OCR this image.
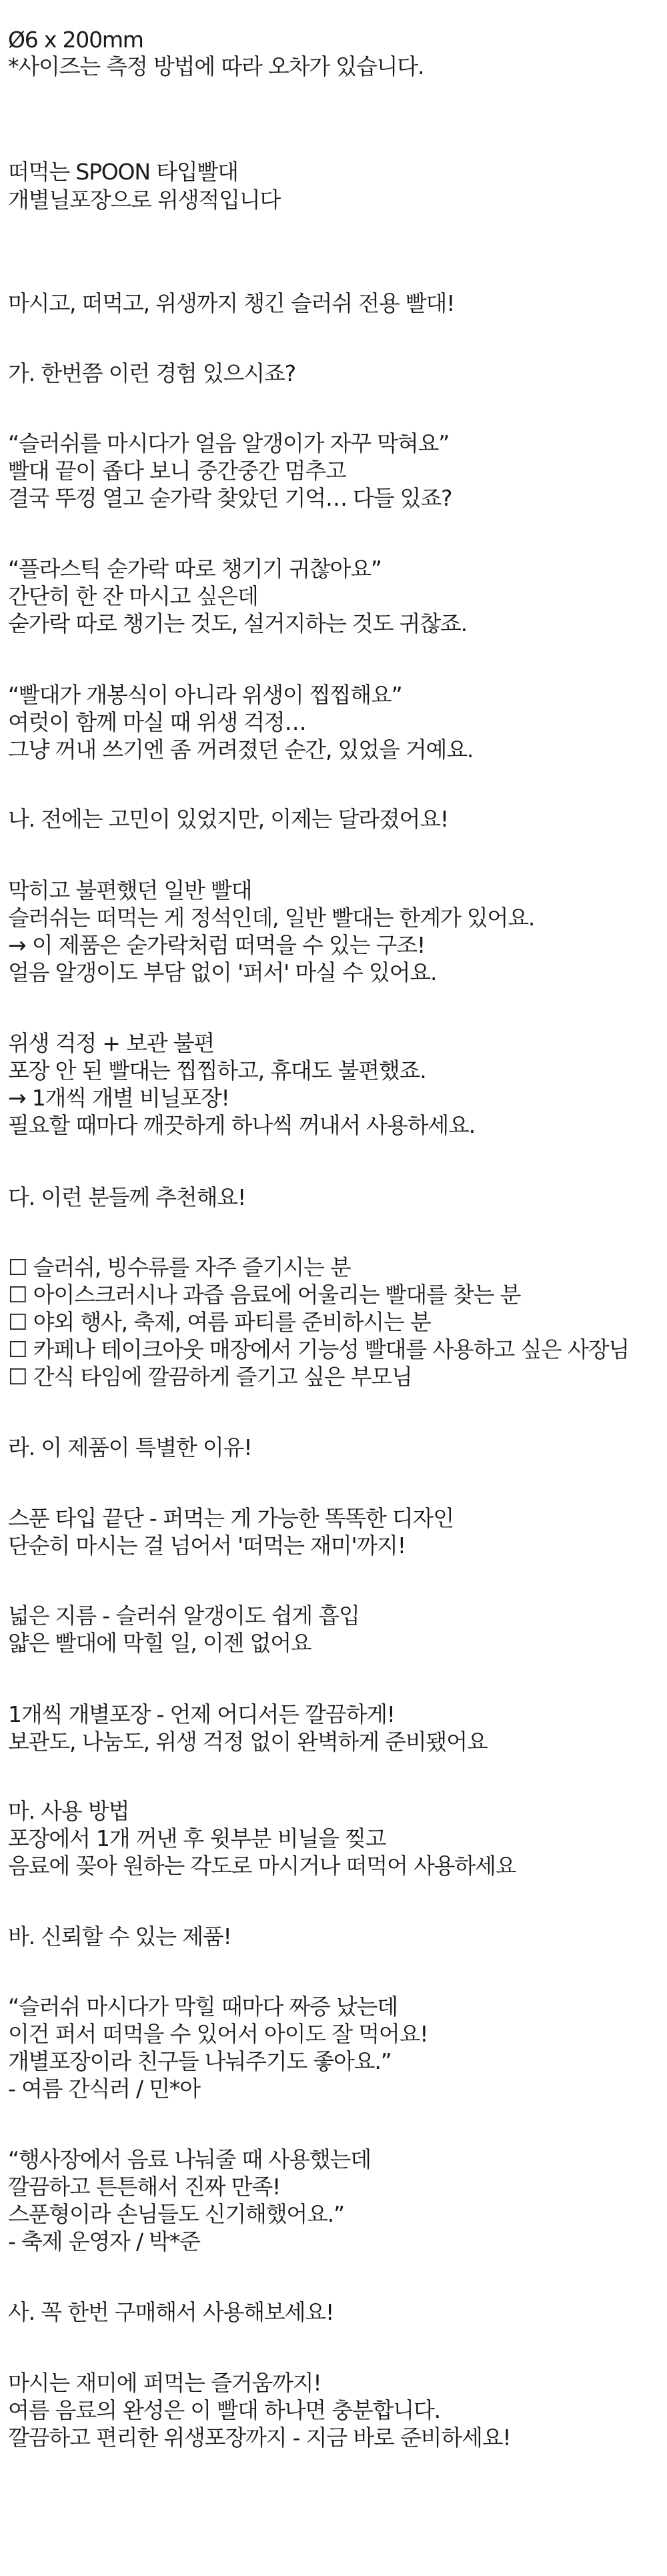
Ø6 x 200mm
*사이즈는 측정 방법에 따라 오차가 있습니다.
떠먹는 SPOON 타입빨대
개별닐포장으로 위생적입니다
마시고, 떠먹고, 위생까지 챙긴 슬러쉬 전용 빨대!
가. 한번쯤 이런 경험 있으시죠?
“슬러쉬를 마시다가 얼음 알갱이가 자꾸 막혀요”
빨대 끝이 좁다 보니 중간중간 멈추고
결국 뚜껑 열고 숟가락 찾았던 기억… 다들 있죠?
“플라스틱 숟가락 따로 챙기기 귀찮아요”
간단히 한 잔 마시고 싶은데
숟가락 따로 챙기는 것도, 설거지하는 것도 귀찮죠.
“빨대가 개봉식이 아니라 위생이 찝찝해요”
여럿이 함께 마실 때 위생 걱정…
그냥 꺼내 쓰기엔 좀 꺼려졌던 순간, 있었을 거예요.
나. 전에는 고민이 있었지만, 이제는 달라졌어요!
막히고 불편했던 일반 빨대
슬러쉬는 떠먹는 게 정석인데, 일반 빨대는 한계가 있어요.
→ 이 제품은 숟가락처럼 떠먹을 수 있는 구조!
얼음 알갱이도 부담 없이 '퍼서' 마실 수 있어요.
위생 걱정 + 보관 불편
포장 안 된 빨대는 찝찝하고, 휴대도 불편했죠.
→ 1개씩 개별 비닐포장!
필요할 때마다 깨끗하게 하나씩 꺼내서 사용하세요.
다. 이런 분들께 추천해요!
☐ 슬러쉬, 빙수류를 자주 즐기시는 분
☐ 아이스크러시나 과즙 음료에 어울리는 빨대를 찾는 분
☐ 야외 행사, 축제, 여름 파티를 준비하시는 분
☐ 카페나 테이크아웃 매장에서 기능성 빨대를 사용하고 싶은 사장님
☐ 간식 타임에 깔끔하게 즐기고 싶은 부모님
라. 이 제품이 특별한 이유!
스푼 타입 끝단 - 퍼먹는 게 가능한 똑똑한 디자인
단순히 마시는 걸 넘어서 '떠먹는 재미'까지!
넓은 지름 - 슬러쉬 알갱이도 쉽게 흡입
얇은 빨대에 막힐 일, 이젠 없어요
1개씩 개별포장 - 언제 어디서든 깔끔하게!
보관도, 나눔도, 위생 걱정 없이 완벽하게 준비됐어요
마. 사용 방법
포장에서 1개 꺼낸 후 윗부분 비닐을 찢고
음료에 꽂아 원하는 각도로 마시거나 떠먹어 사용하세요
바. 신뢰할 수 있는 제품!
“슬러쉬 마시다가 막힐 때마다 짜증 났는데
이건 퍼서 떠먹을 수 있어서 아이도 잘 먹어요!
개별포장이라 친구들 나눠주기도 좋아요.”
- 여름 간식러 / 민*아
“행사장에서 음료 나눠줄 때 사용했는데
깔끔하고 튼튼해서 진짜 만족!
스푼형이라 손님들도 신기해했어요.”
- 축제 운영자 / 박*준
사. 꼭 한번 구매해서 사용해보세요!
마시는 재미에 퍼먹는 즐거움까지!
여름 음료의 완성은 이 빨대 하나면 충분합니다.
깔끔하고 편리한 위생포장까지 - 지금 바로 준비하세요!
